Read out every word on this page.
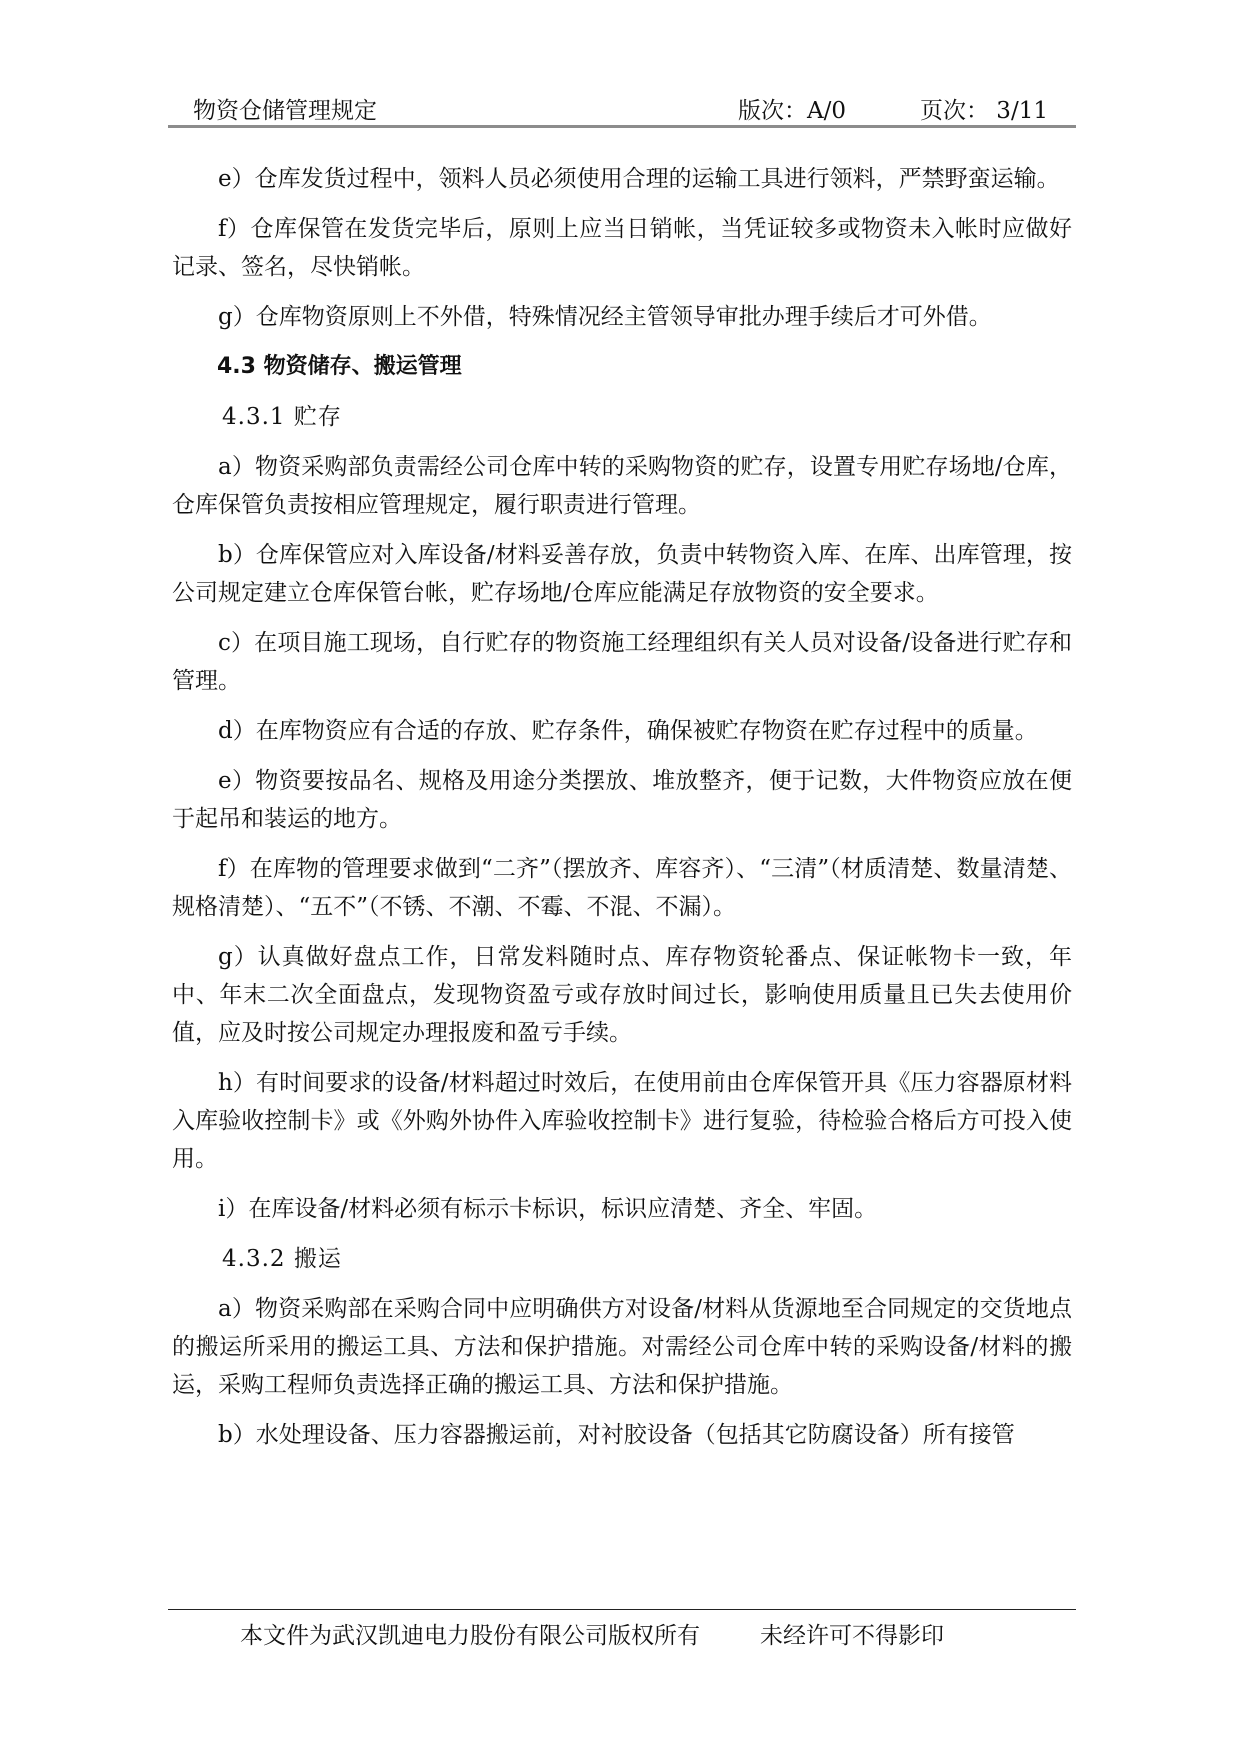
物资仓储管理规定	版次：A/0	页次： 3/11

e）仓库发货过程中，领料人员必须使用合理的运输工具进行领料，严禁野蛮运输。

f）仓库保管在发货完毕后，原则上应当日销帐，当凭证较多或物资未入帐时应做好记录、签名，尽快销帐。

g）仓库物资原则上不外借，特殊情况经主管领导审批办理手续后才可外借。

4.3 物资储存、搬运管理
4.3.1 贮存

a）物资采购部负责需经公司仓库中转的采购物资的贮存，设置专用贮存场地/仓库，仓库保管负责按相应管理规定，履行职责进行管理。

b）仓库保管应对入库设备/材料妥善存放，负责中转物资入库、在库、出库管理，按公司规定建立仓库保管台帐，贮存场地/仓库应能满足存放物资的安全要求。

c）在项目施工现场，自行贮存的物资施工经理组织有关人员对设备/设备进行贮存和管理。

d）在库物资应有合适的存放、贮存条件，确保被贮存物资在贮存过程中的质量。

e）物资要按品名、规格及用途分类摆放、堆放整齐，便于记数，大件物资应放在便于起吊和装运的地方。

f）在库物的管理要求做到“二齐”（摆放齐、库容齐）、“三清”（材质清楚、数量清楚、规格清楚）、“五不”（不锈、不潮、不霉、不混、不漏）。

g）认真做好盘点工作，日常发料随时点、库存物资轮番点、保证帐物卡一致，年中、年末二次全面盘点，发现物资盈亏或存放时间过长，影响使用质量且已失去使用价值，应及时按公司规定办理报废和盈亏手续。

h）有时间要求的设备/材料超过时效后，在使用前由仓库保管开具《压力容器原材料入库验收控制卡》或《外购外协件入库验收控制卡》进行复验，待检验合格后方可投入使用。

i）在库设备/材料必须有标示卡标识，标识应清楚、齐全、牢固。

4.3.2 搬运

a）物资采购部在采购合同中应明确供方对设备/材料从货源地至合同规定的交货地点的搬运所采用的搬运工具、方法和保护措施。对需经公司仓库中转的采购设备/材料的搬运，采购工程师负责选择正确的搬运工具、方法和保护措施。

b）水处理设备、压力容器搬运前，对衬胶设备（包括其它防腐设备）所有接管

本文件为武汉凯迪电力股份有限公司版权所有	未经许可不得影印
